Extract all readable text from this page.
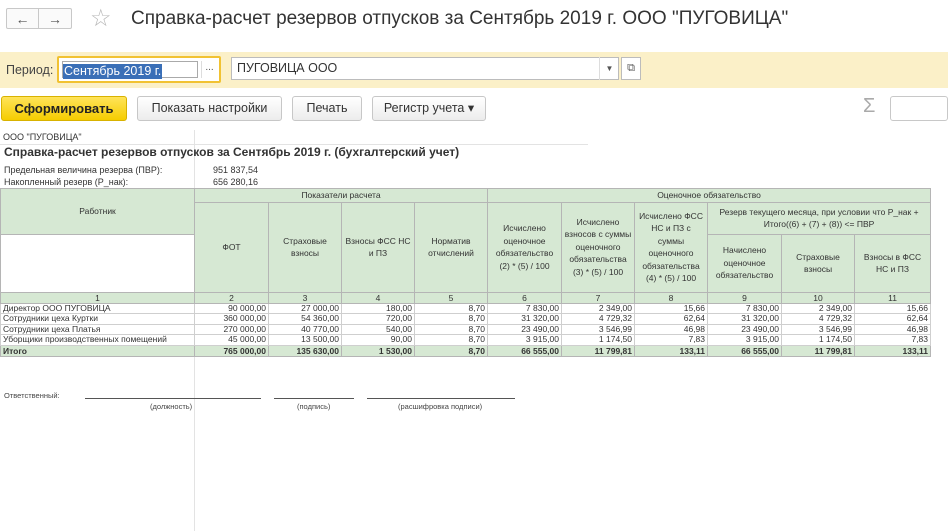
←	→	☆ Справка-расчет резервов отпусков за Сентябрь 2019 г. ООО "ПУГОВИЦА"
Период: Сентябрь 2019 г.	...	ПУГОВИЦА ООО	▼	⧉
Сформировать	Показать настройки	Печать	Регистр учета ▾	Σ
ООО "ПУГОВИЦА"
Справка-расчет резервов отпусков за Сентябрь 2019 г. (бухгалтерский учет)
Предельная величина резерва (ПВР):	951 837,54
Накопленный резерв (Р_нак):	656 280,16
Работник	Показатели расчета				Оценочное обязательство					
	ФОТ	Страховые взносы	Взносы ФСС НС и ПЗ	Норматив отчислений	Исчислено оценочное обязательство (2) * (5) / 100	Исчислено взносов с суммы оценочного обязательства (3) * (5) / 100	Исчислено ФСС НС и ПЗ с суммы оценочного обязательства (4) * (5) / 100	Резерв текущего месяца, при условии что Р_нак + Итого((6) + (7) + (8)) <= ПВР		
								Начислено оценочное обязательство	Страховые взносы	Взносы в ФСС НС и ПЗ
1	2	3	4	5	6	7	8	9	10	11
Директор ООО ПУГОВИЦА	90 000,00	27 000,00	180,00	8,70	7 830,00	2 349,00	15,66	7 830,00	2 349,00	15,66
Сотрудники цеха Куртки	360 000,00	54 360,00	720,00	8,70	31 320,00	4 729,32	62,64	31 320,00	4 729,32	62,64
Сотрудники цеха Платья	270 000,00	40 770,00	540,00	8,70	23 490,00	3 546,99	46,98	23 490,00	3 546,99	46,98
Уборщики производственных помещений	45 000,00	13 500,00	90,00	8,70	3 915,00	1 174,50	7,83	3 915,00	1 174,50	7,83
Итого	765 000,00	135 630,00	1 530,00	8,70	66 555,00	11 799,81	133,11	66 555,00	11 799,81	133,11
Ответственный:
(должность)	(подпись)	(расшифровка подписи)
